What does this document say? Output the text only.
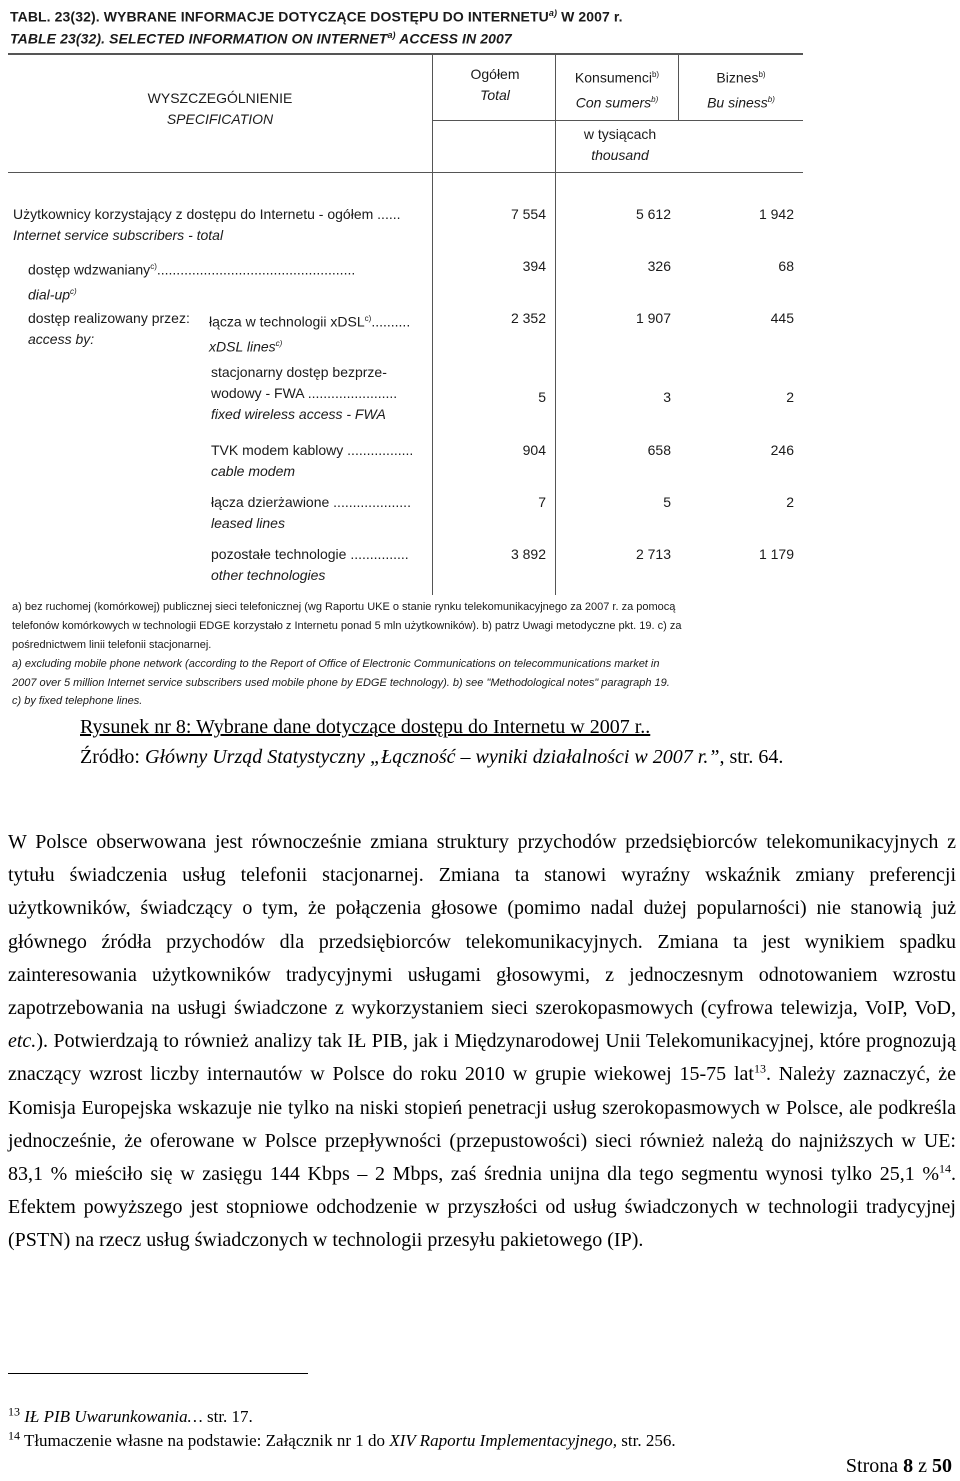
TABL. 23(32). WYBRANE INFORMACJE DOTYCZĄCE DOSTĘPU DO INTERNETU$^{a)}$ W 2007 r.
TABLE 23(32). SELECTED INFORMATION ON INTERNET$^{a)}$ ACCESS IN 2007
WYSZCZEGÓLNIENIE
SPECIFICATION
Ogółem
Total
Konsumenci$^{b)}$
Con sumers$^{b)}$
Biznes$^{b)}$
Bu siness$^{b)}$
w tysiącach
thousand
Użytkownicy korzystający z dostępu do Internetu - ogółem ......
Internet service subscribers - total
7 554	5 612	1 942
dostęp wdzwaniany$^{c)}$...................................................
dial-$up^{c)}$
394	326	68
dostęp realizowany przez:
access by:
łącza w technologii xDSL$^{c)}$..........
xDSL lines$^{c)}$
2 352	1 907	445
stacjonarny dostęp bezprze-
wodowy - FWA .......................
fixed wireless access - FWA
5	3	2
TVK modem kablowy .................
cable modem
904	658	246
łącza dzierżawione ....................
leased lines
7	5	2
pozostałe technologie ...............
other technologies
3 892	2 713	1 179
a) bez ruchomej (komórkowej) publicznej sieci telefonicznej (wg Raportu UKE o stanie rynku telekomunikacyjnego za 2007 r. za pomocą
telefonów komórkowych w technologii EDGE korzystało z Internetu ponad 5 mln użytkowników). b) patrz Uwagi metodyczne pkt. 19. c) za
pośrednictwem linii telefonii stacjonarnej.
a) excluding mobile phone network (according to the Report of Office of Electronic Communications on telecommunications market in
2007 over 5 million Internet service subscribers used mobile phone by EDGE technology). b) see "Methodological notes" paragraph 19.
c) by fixed telephone lines.
Rysunek nr 8: Wybrane dane dotyczące dostępu do Internetu w 2007 r..
Źródło: Główny Urząd Statystyczny „Łączność – wyniki działalności w 2007 r.”, str. 64.
W Polsce obserwowana jest równocześnie zmiana struktury przychodów przedsiębiorców telekomunikacyjnych z tytułu świadczenia usług telefonii stacjonarnej. Zmiana ta stanowi wyraźny wskaźnik zmiany preferencji użytkowników, świadczący o tym, że połączenia głosowe (pomimo nadal dużej popularności) nie stanowią już głównego źródła przychodów dla przedsiębiorców telekomunikacyjnych. Zmiana ta jest wynikiem spadku zainteresowania użytkowników tradycyjnymi usługami głosowymi, z jednoczesnym odnotowaniem wzrostu zapotrzebowania na usługi świadczone z wykorzystaniem sieci szerokopasmowych (cyfrowa telewizja, VoIP, VoD, etc.). Potwierdzają to również analizy tak IŁ PIB, jak i Międzynarodowej Unii Telekomunikacyjnej, które prognozują znaczący wzrost liczby internautów w Polsce do roku 2010 w grupie wiekowej 15-75 lat$^{13}$. Należy zaznaczyć, że Komisja Europejska wskazuje nie tylko na niski stopień penetracji usług szerokopasmowych w Polsce, ale podkreśla jednocześnie, że oferowane w Polsce przepływności (przepustowości) sieci również należą do najniższych w UE: 83,1 % mieściło się w zasięgu 144 Kbps – 2 Mbps, zaś średnia unijna dla tego segmentu wynosi tylko 25,1 %$^{14}$. Efektem powyższego jest stopniowe odchodzenie w przyszłości od usług świadczonych w technologii tradycyjnej (PSTN) na rzecz usług świadczonych w technologii przesyłu pakietowego (IP).
$^{13}$ IŁ PIB Uwarunkowania… str. 17.
$^{14}$ Tłumaczenie własne na podstawie: Załącznik nr 1 do XIV Raportu Implementacyjnego, str. 256.
Strona 8 z 50
